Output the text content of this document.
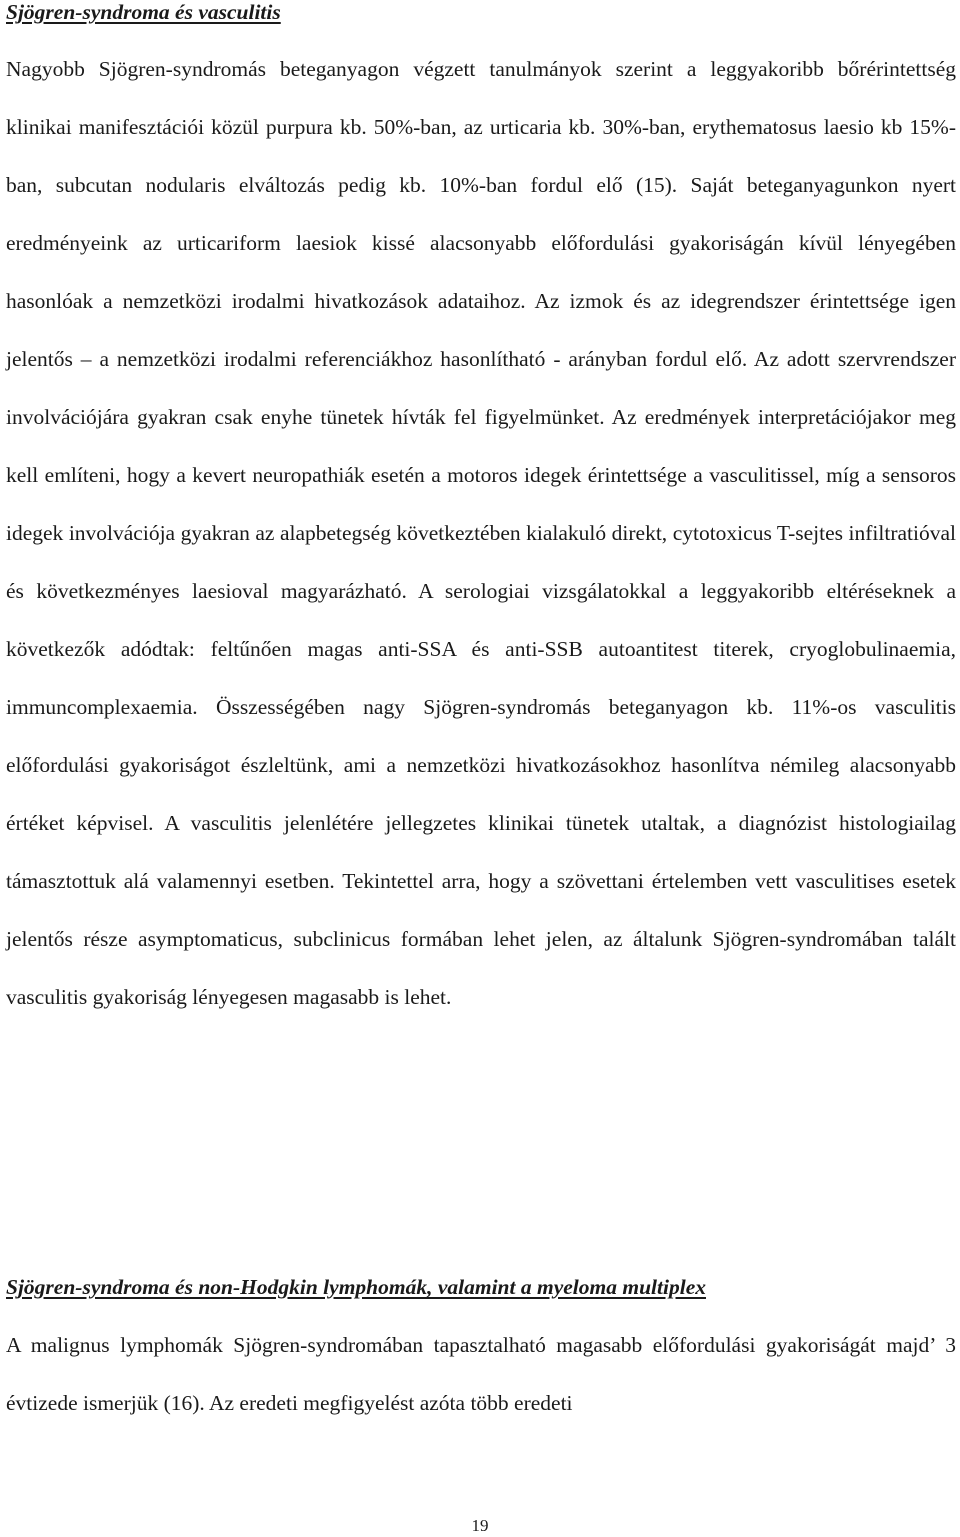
Sjögren-syndroma és vasculitis

Nagyobb Sjögren-syndromás beteganyagon végzett tanulmányok szerint a leggyakoribb bőrérintettség klinikai manifesztációi közül purpura kb. 50%-ban, az urticaria kb. 30%-ban, erythematosus laesio kb 15%-ban, subcutan nodularis elváltozás pedig kb. 10%-ban fordul elő (15). Saját beteganyagunkon nyert eredményeink az urticariform laesiok kissé alacsonyabb előfordulási gyakoriságán kívül lényegében hasonlóak a nemzetközi irodalmi hivatkozások adataihoz. Az izmok és az idegrendszer érintettsége igen jelentős – a nemzetközi irodalmi referenciákhoz hasonlítható - arányban fordul elő. Az adott szervrendszer involvációjára gyakran csak enyhe tünetek hívták fel figyelmünket. Az eredmények interpretációjakor meg kell említeni, hogy a kevert neuropathiák esetén a motoros idegek érintettsége a vasculitissel, míg a sensoros idegek involvációja gyakran az alapbetegség következtében kialakuló direkt, cytotoxicus T-sejtes infiltratióval és következményes laesioval magyarázható. A serologiai vizsgálatokkal a leggyakoribb eltéréseknek a következők adódtak: feltűnően magas anti-SSA és anti-SSB autoantitest titerek, cryoglobulinaemia, immuncomplexaemia. Összességében nagy Sjögren-syndromás beteganyagon kb. 11%-os vasculitis előfordulási gyakoriságot észleltünk, ami a nemzetközi hivatkozásokhoz hasonlítva némileg alacsonyabb értéket képvisel. A vasculitis jelenlétére jellegzetes klinikai tünetek utaltak, a diagnózist histologiailag támasztottuk alá valamennyi esetben. Tekintettel arra, hogy a szövettani értelemben vett vasculitises esetek jelentős része asymptomaticus, subclinicus formában lehet jelen, az általunk Sjögren-syndromában talált vasculitis gyakoriság lényegesen magasabb is lehet.

Sjögren-syndroma és non-Hodgkin lymphomák, valamint a myeloma multiplex

A malignus lymphomák Sjögren-syndromában tapasztalható magasabb előfordulási gyakoriságát majd’ 3 évtizede ismerjük (16). Az eredeti megfigyelést azóta több eredeti

19
